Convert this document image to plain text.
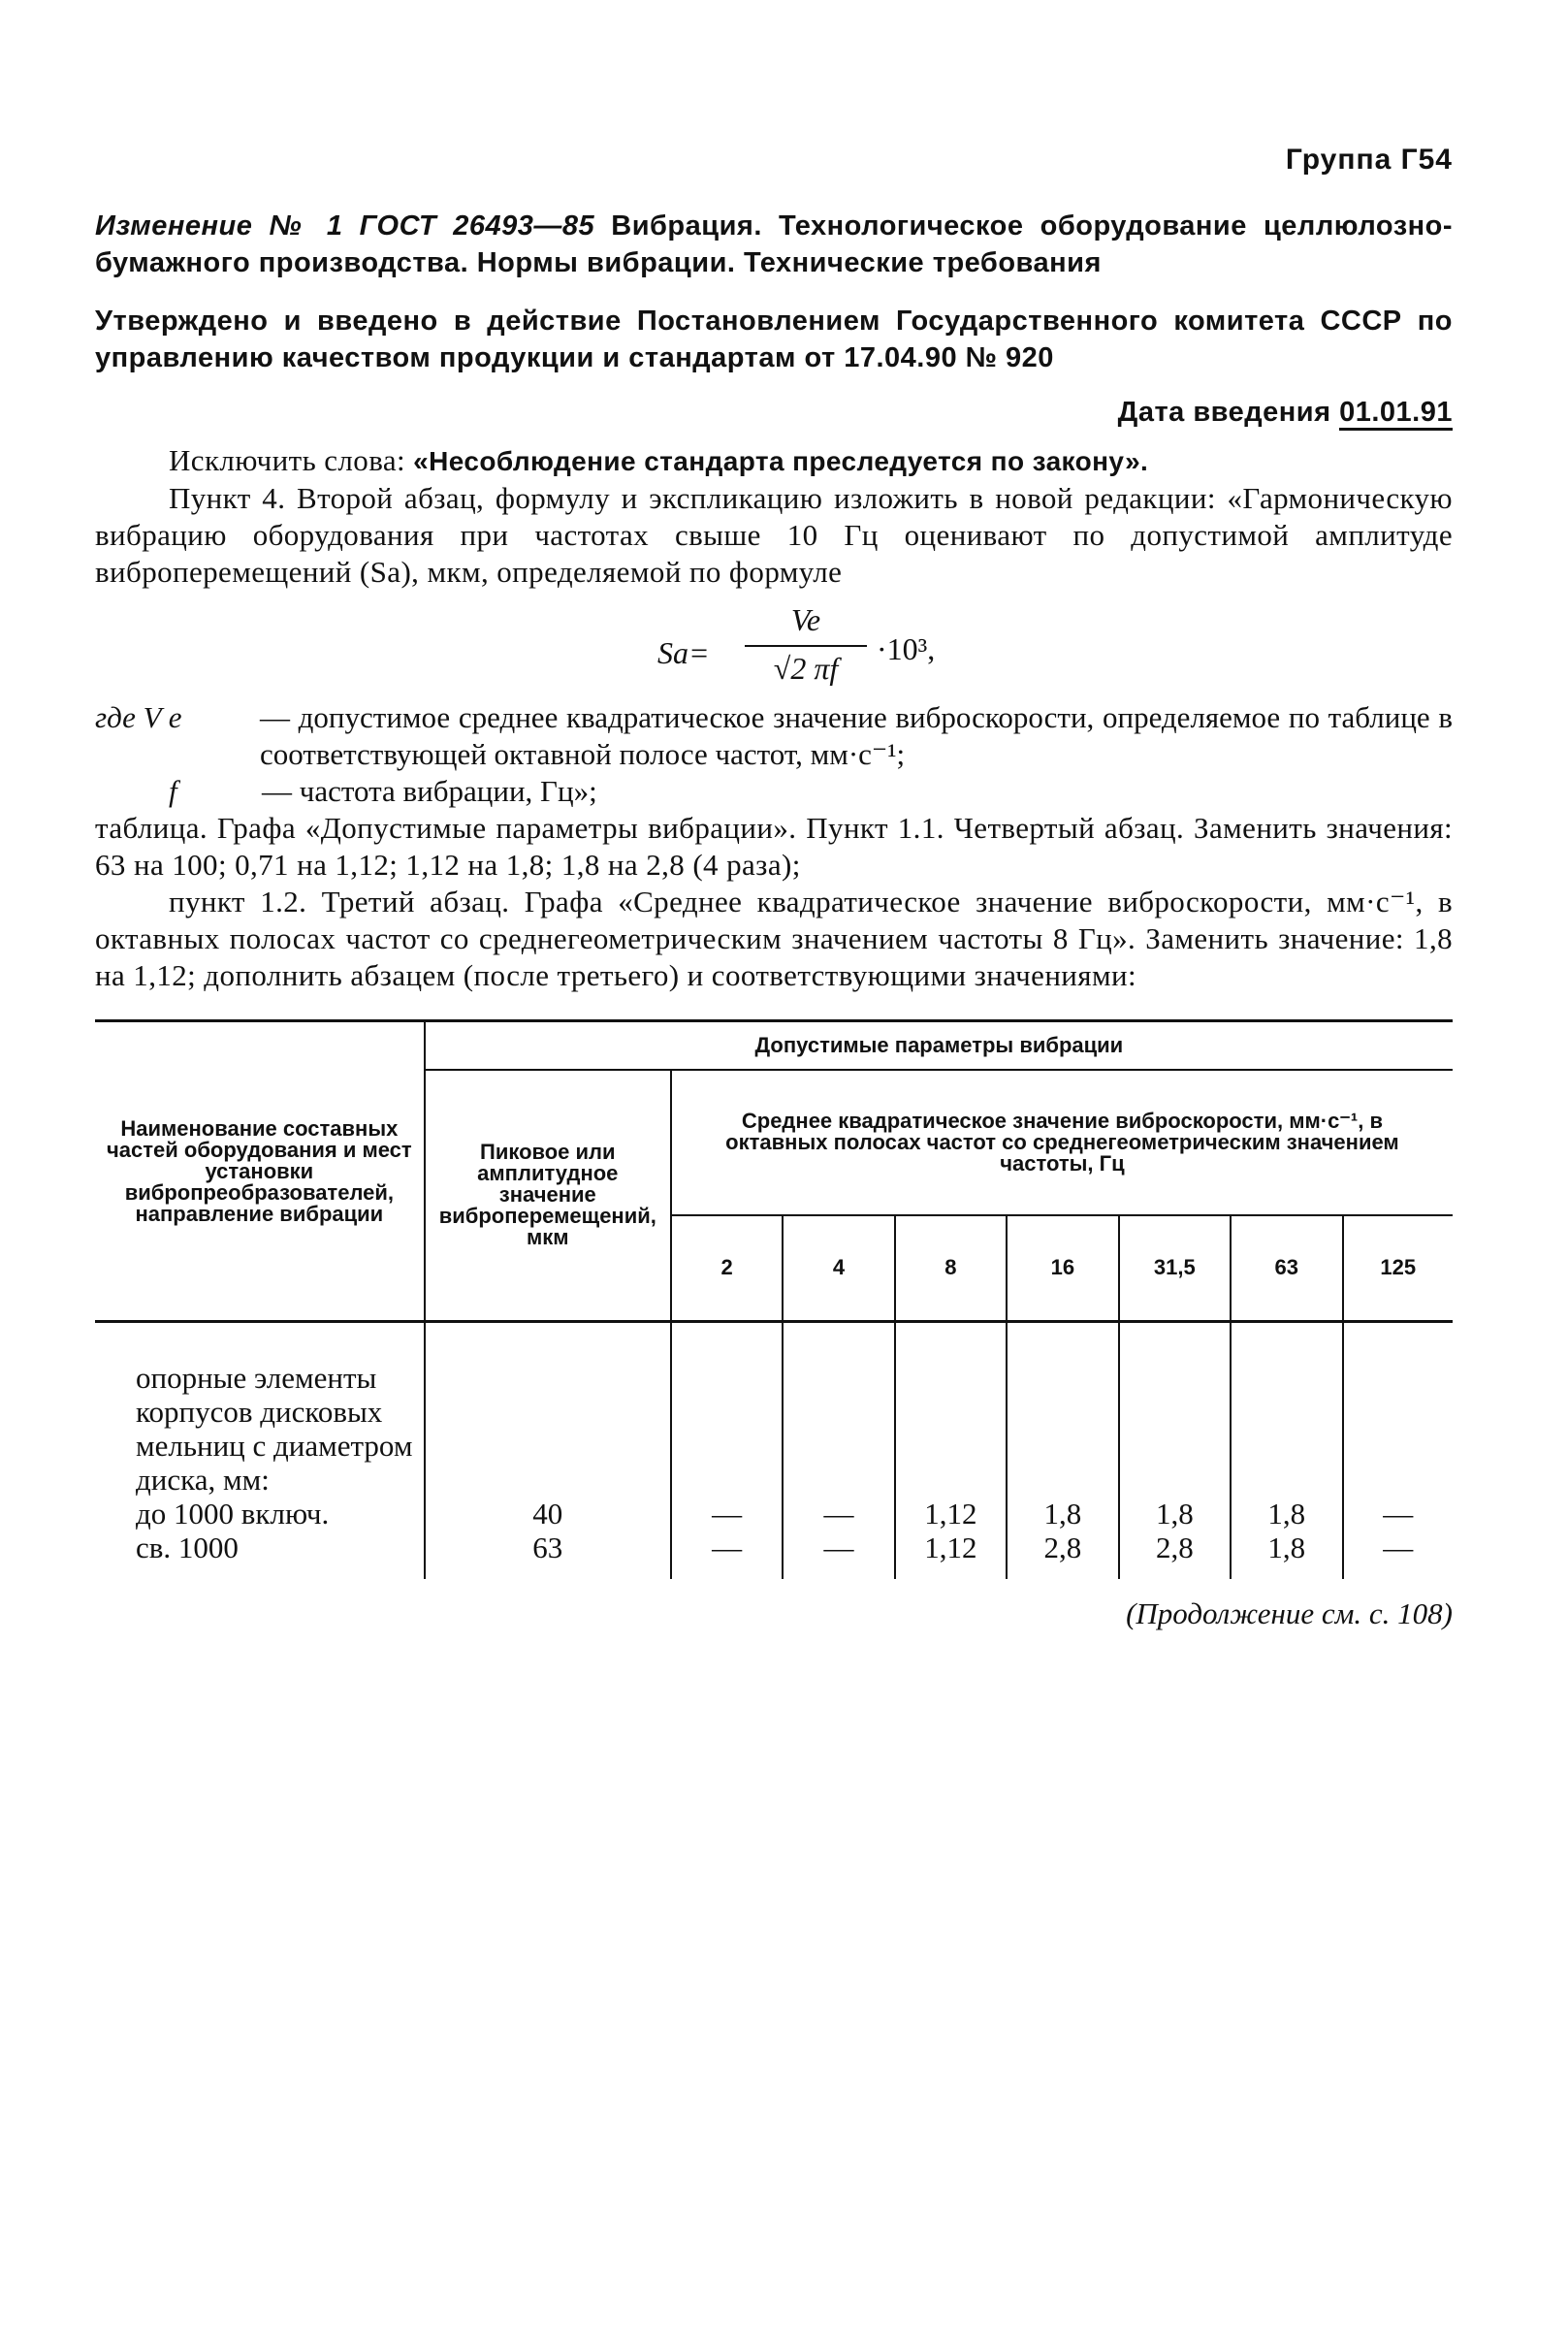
Группа Г54
Изменение № 1 ГОСТ 26493—85 Вибрация. Технологическое оборудование целлюлозно-бумажного производства. Нормы вибрации. Технические требования
Утверждено и введено в действие Постановлением Государственного комитета СССР по управлению качеством продукции и стандартам от 17.04.90 № 920
Дата введения 01.01.91
Исключить слова: «Несоблюдение стандарта преследуется по закону».
Пункт 4. Второй абзац, формулу и экспликацию изложить в новой редакции: «Гармоническую вибрацию оборудования при частотах свыше 10 Гц оценивают по допустимой амплитуде виброперемещений (Sa), мкм, определяемой по формуле
Sa=
Ve
√2 πf
·10³,
где V e	— допустимое среднее квадратическое значение виброскорости, определяемое по таблице в соответствующей октавной полосе частот, мм·с⁻¹;
f	— частота вибрации, Гц»;
таблица. Графа «Допустимые параметры вибрации». Пункт 1.1. Четвертый абзац. Заменить значения: 63 на 100; 0,71 на 1,12; 1,12 на 1,8; 1,8 на 2,8 (4 раза);
пункт 1.2. Третий абзац. Графа «Среднее квадратическое значение виброскорости, мм·с⁻¹, в октавных полосах частот со среднегеометрическим значением частоты 8 Гц». Заменить значение: 1,8 на 1,12; дополнить абзацем (после третьего) и соответствующими значениями:
Наименование составных частей оборудования и мест установки вибропреобразователей, направление вибрации	Допустимые параметры вибрации							

	Пиковое или амплитудное значение виброперемещений, мкм	Среднее квадратическое значение виброскорости, мм·с⁻¹, в октавных полосах частот со среднегеометрическим значением частоты, Гц						

		2	4	8	16	31,5	63	125
опорные элементы корпусов дисковых мельниц с диаметром диска, мм:								
до 1000 включ.	40	—	—	1,12	1,8	1,8	1,8	—
св. 1000	63	—	—	1,12	2,8	2,8	1,8	—
(Продолжение см. с. 108)
